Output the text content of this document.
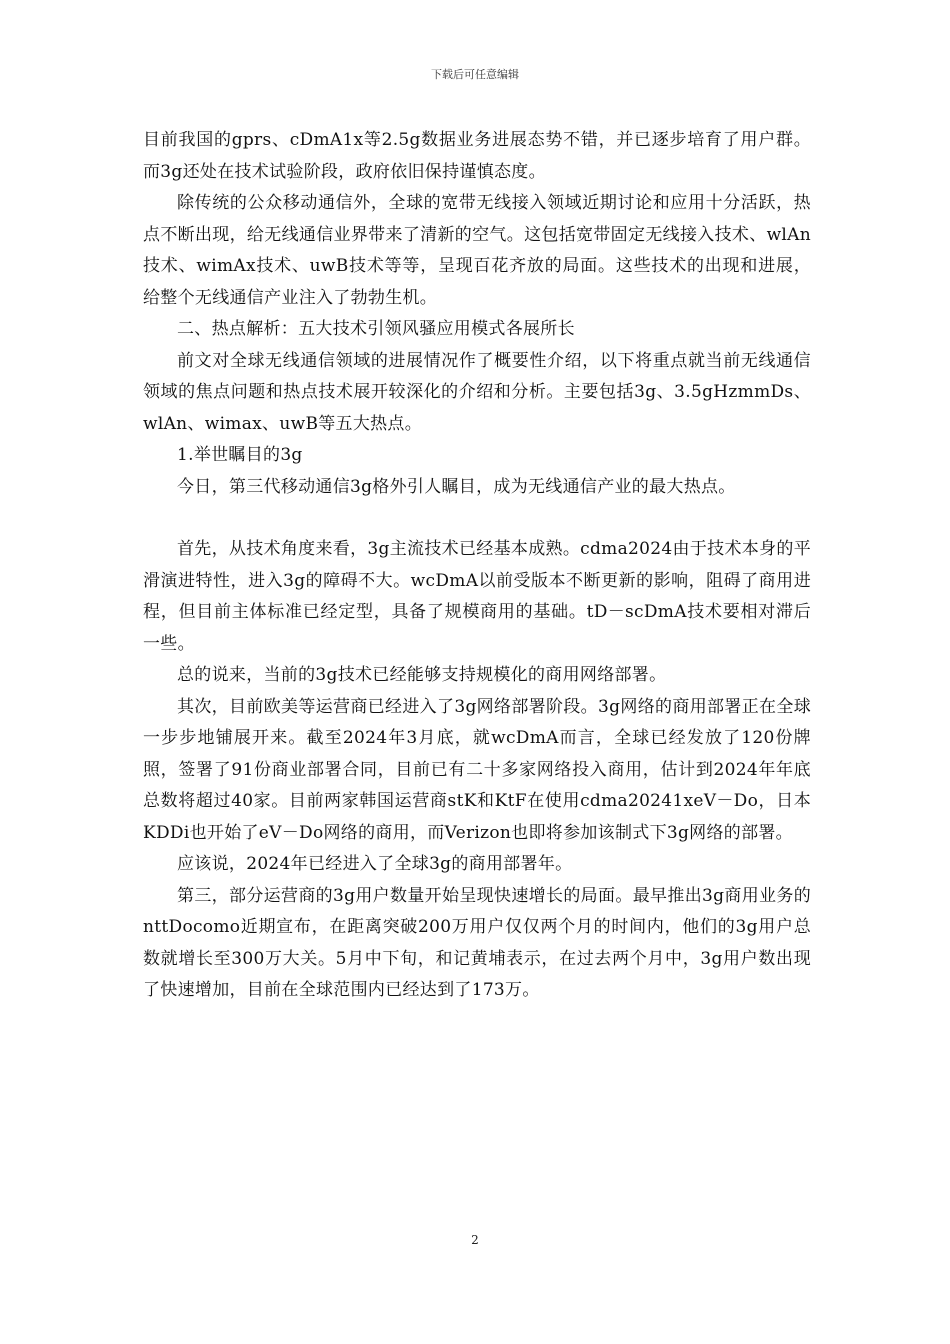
下载后可任意编辑

目前我国的gprs、cDmA1x等2.5g数据业务进展态势不错，并已逐步培育了用户群。而3g还处在技术试验阶段，政府依旧保持谨慎态度。

除传统的公众移动通信外，全球的宽带无线接入领域近期讨论和应用十分活跃，热点不断出现，给无线通信业界带来了清新的空气。这包括宽带固定无线接入技术、wlAn技术、wimAx技术、uwB技术等等，呈现百花齐放的局面。这些技术的出现和进展，给整个无线通信产业注入了勃勃生机。

二、热点解析：五大技术引领风骚应用模式各展所长

前文对全球无线通信领域的进展情况作了概要性介绍，以下将重点就当前无线通信领域的焦点问题和热点技术展开较深化的介绍和分析。主要包括3g、3.5gHzmmDs、wlAn、wimax、uwB等五大热点。

1.举世瞩目的3g

今日，第三代移动通信3g格外引人瞩目，成为无线通信产业的最大热点。

首先，从技术角度来看，3g主流技术已经基本成熟。cdma2024由于技术本身的平滑演进特性，进入3g的障碍不大。wcDmA以前受版本不断更新的影响，阻碍了商用进程，但目前主体标准已经定型，具备了规模商用的基础。tD－scDmA技术要相对滞后一些。

总的说来，当前的3g技术已经能够支持规模化的商用网络部署。

其次，目前欧美等运营商已经进入了3g网络部署阶段。3g网络的商用部署正在全球一步步地铺展开来。截至2024年3月底，就wcDmA而言，全球已经发放了120份牌照，签署了91份商业部署合同，目前已有二十多家网络投入商用，估计到2024年年底总数将超过40家。目前两家韩国运营商stK和KtF在使用cdma20241xeV－Do，日本KDDi也开始了eV－Do网络的商用，而Verizon也即将参加该制式下3g网络的部署。

应该说，2024年已经进入了全球3g的商用部署年。

第三，部分运营商的3g用户数量开始呈现快速增长的局面。最早推出3g商用业务的nttDocomo近期宣布，在距离突破200万用户仅仅两个月的时间内，他们的3g用户总数就增长至300万大关。5月中下旬，和记黄埔表示，在过去两个月中，3g用户数出现了快速增加，目前在全球范围内已经达到了173万。

2
